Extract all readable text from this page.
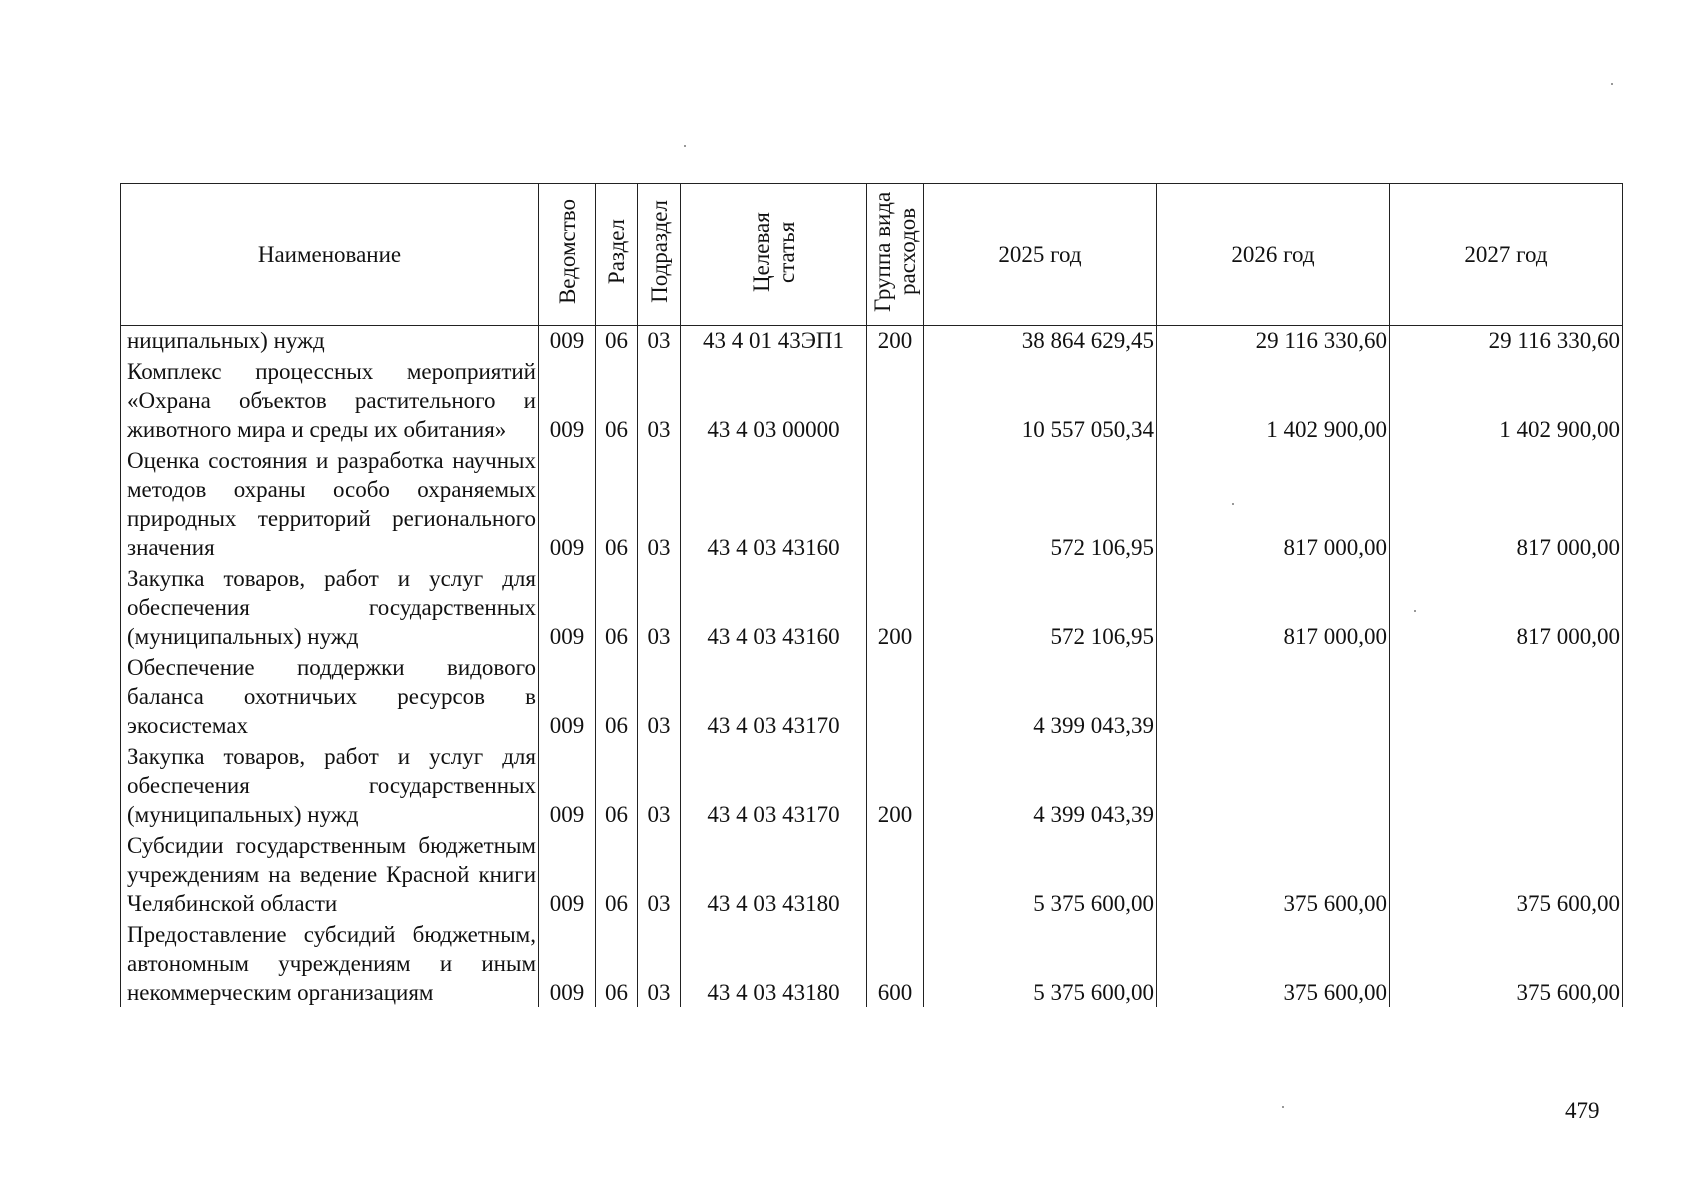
Наименование	Ведомство	Раздел	Подраздел	Целевая статья	Группа вида расходов	2025 год	2026 год	2027 год
ниципальных) нужд	009	06	03	43 4 01 43ЭП1	200	38 864 629,45	29 116 330,60	29 116 330,60
Комплекс процессных мероприятий «Охрана объектов растительного и животного мира и среды их обитания»	009	06	03	43 4 03 00000		10 557 050,34	1 402 900,00	1 402 900,00
Оценка состояния и разработка научных методов охраны особо охраняемых природных территорий регионального значения	009	06	03	43 4 03 43160		572 106,95	817 000,00	817 000,00
Закупка товаров, работ и услуг для обеспечения государственных (муниципальных) нужд	009	06	03	43 4 03 43160	200	572 106,95	817 000,00	817 000,00
Обеспечение поддержки видового баланса охотничьих ресурсов в экосистемах	009	06	03	43 4 03 43170		4 399 043,39		
Закупка товаров, работ и услуг для обеспечения государственных (муниципальных) нужд	009	06	03	43 4 03 43170	200	4 399 043,39		
Субсидии государственным бюджетным учреждениям на ведение Красной книги Челябинской области	009	06	03	43 4 03 43180		5 375 600,00	375 600,00	375 600,00
Предоставление субсидий бюджетным, автономным учреждениям и иным некоммерческим организациям	009	06	03	43 4 03 43180	600	5 375 600,00	375 600,00	375 600,00
479
